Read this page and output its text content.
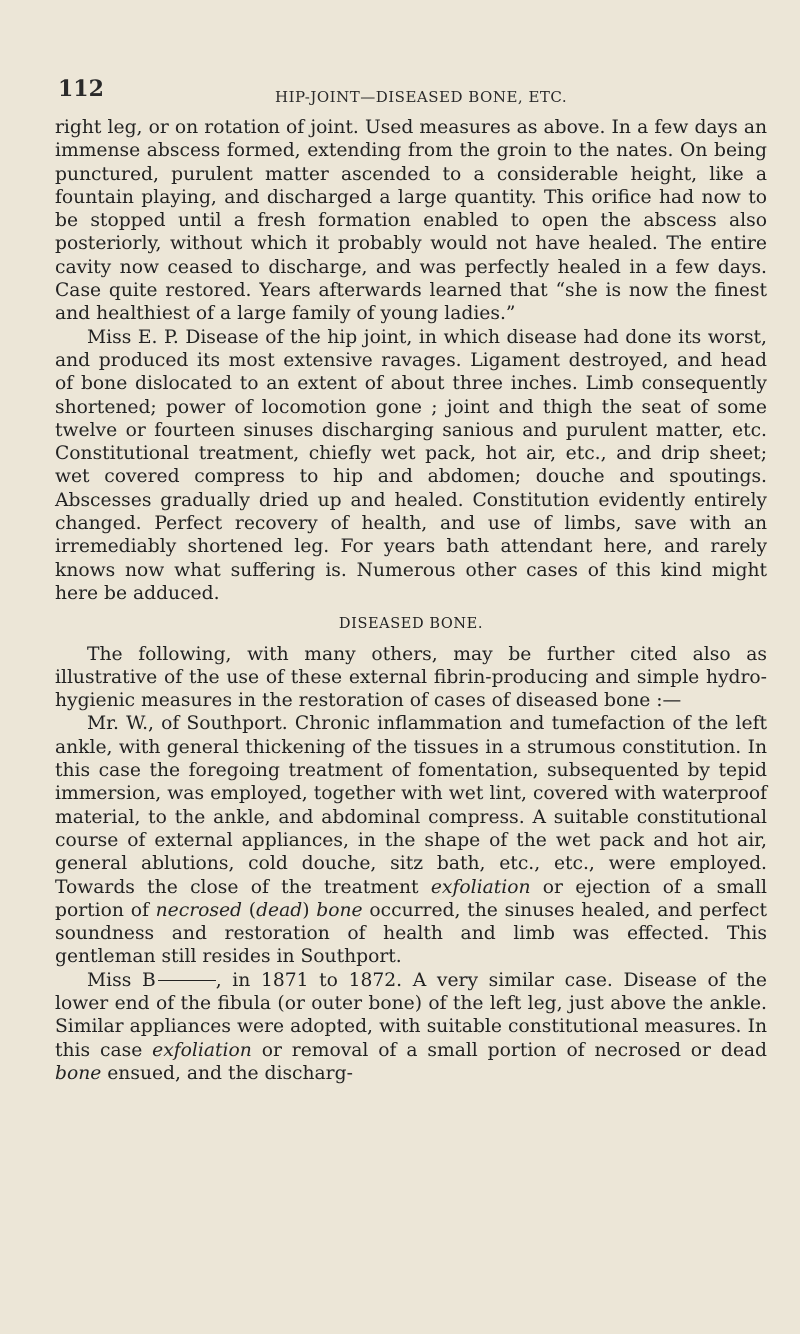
112	HIP-JOINT—DISEASED BONE, ETC.

right leg, or on rotation of joint. Used measures as above. In a few days an immense abscess formed, extending from the groin to the nates. On being punctured, purulent matter ascended to a considerable height, like a fountain playing, and discharged a large quantity. This orifice had now to be stopped until a fresh formation enabled to open the abscess also posteriorly, without which it probably would not have healed. The entire cavity now ceased to discharge, and was perfectly healed in a few days. Case quite restored. Years afterwards learned that “she is now the finest and healthiest of a large family of young ladies.”

Miss E. P. Disease of the hip joint, in which disease had done its worst, and produced its most extensive ravages. Ligament destroyed, and head of bone dislocated to an extent of about three inches. Limb consequently shortened; power of locomotion gone ; joint and thigh the seat of some twelve or fourteen sinuses discharging sanious and purulent matter, etc. Constitutional treatment, chiefly wet pack, hot air, etc., and drip sheet; wet covered compress to hip and abdomen; douche and spoutings. Abscesses gradually dried up and healed. Constitution evidently entirely changed. Perfect recovery of health, and use of limbs, save with an irremediably shortened leg. For years bath attendant here, and rarely knows now what suffering is. Numerous other cases of this kind might here be adduced.

DISEASED BONE.

The following, with many others, may be further cited also as illustrative of the use of these external fibrin-producing and simple hydro-hygienic measures in the restoration of cases of diseased bone :—

Mr. W., of Southport. Chronic inflammation and tumefaction of the left ankle, with general thickening of the tissues in a strumous constitution. In this case the foregoing treatment of fomentation, subsequented by tepid immersion, was employed, together with wet lint, covered with waterproof material, to the ankle, and abdominal compress. A suitable constitutional course of external appliances, in the shape of the wet pack and hot air, general ablutions, cold douche, sitz bath, etc., etc., were employed. Towards the close of the treatment exfoliation or ejection of a small portion of necrosed (dead) bone occurred, the sinuses healed, and perfect soundness and restoration of health and limb was effected. This gentleman still resides in Southport.

Miss B	, in 1871 to 1872. A very similar case. Disease of the lower end of the fibula (or outer bone) of the left leg, just above the ankle. Similar appliances were adopted, with suitable constitutional measures. In this case exfoliation or removal of a small portion of necrosed or dead bone ensued, and the discharg-
